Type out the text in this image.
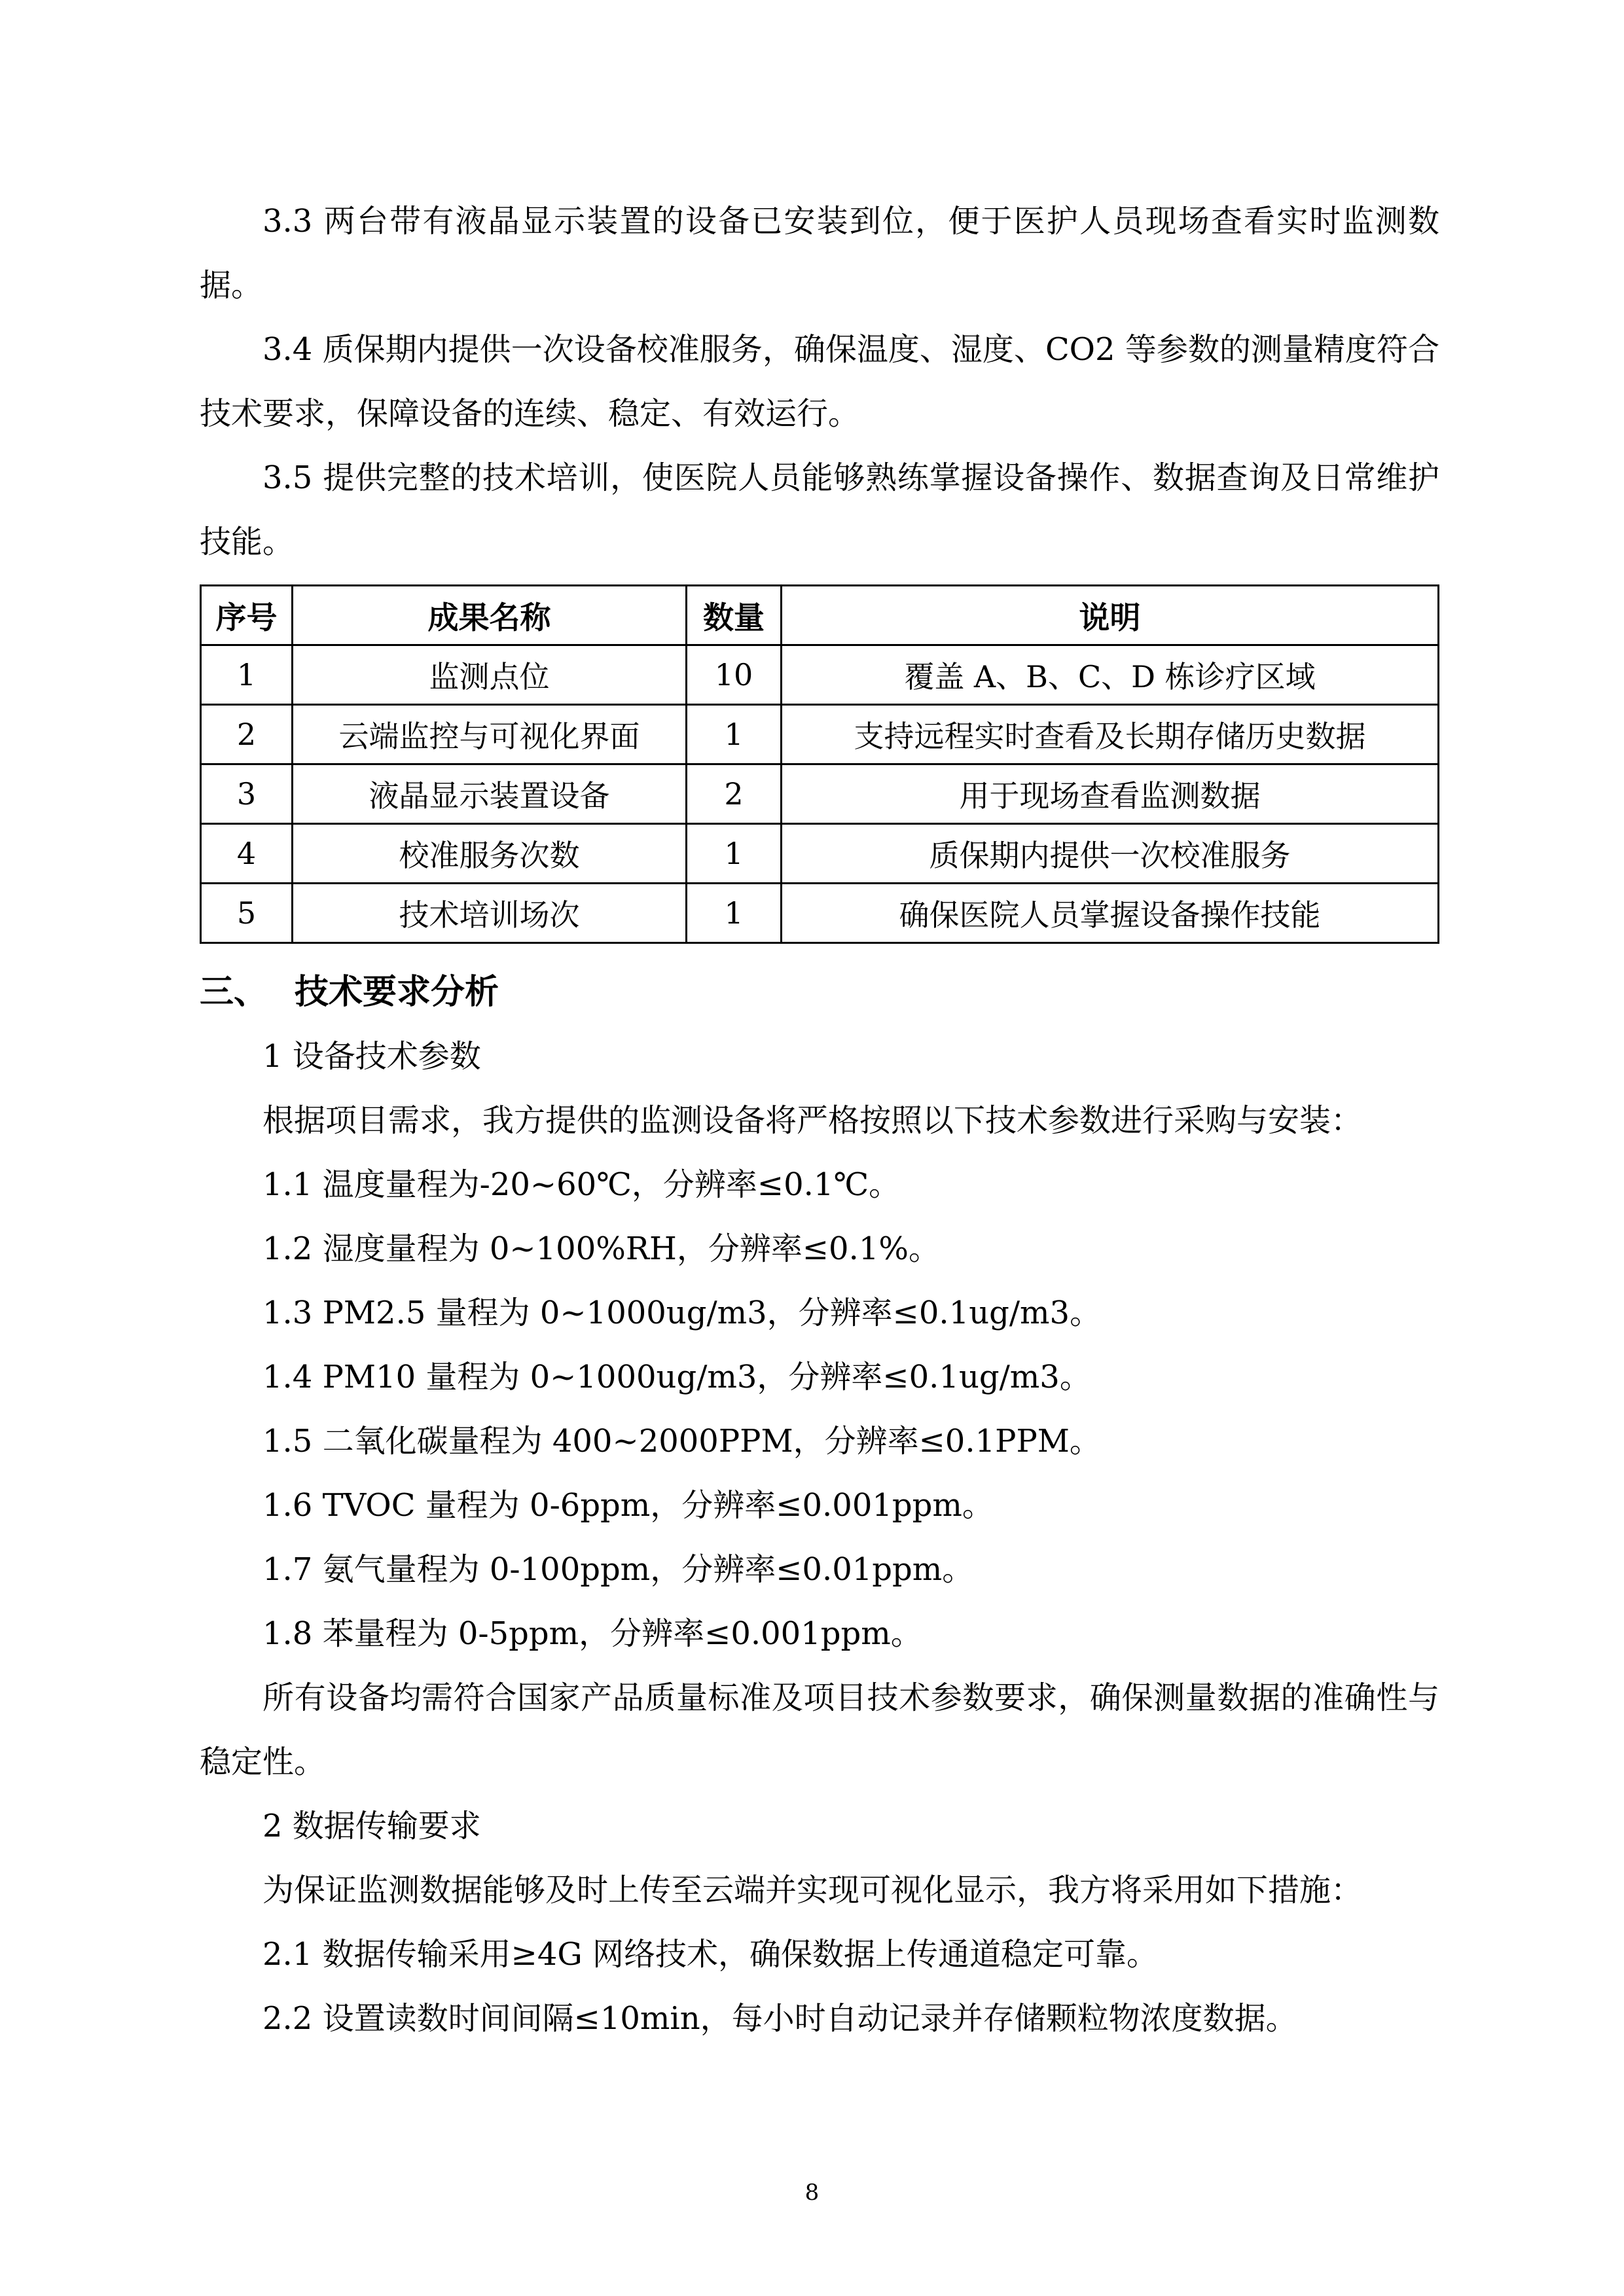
3.3 两台带有液晶显示装置的设备已安装到位，便于医护人员现场查看实时监测数据。

3.4 质保期内提供一次设备校准服务，确保温度、湿度、CO2 等参数的测量精度符合技术要求，保障设备的连续、稳定、有效运行。

3.5 提供完整的技术培训，使医院人员能够熟练掌握设备操作、数据查询及日常维护技能。

序号	成果名称	数量	说明
1	监测点位	10	覆盖 A、B、C、D 栋诊疗区域
2	云端监控与可视化界面	1	支持远程实时查看及长期存储历史数据
3	液晶显示装置设备	2	用于现场查看监测数据
4	校准服务次数	1	质保期内提供一次校准服务
5	技术培训场次	1	确保医院人员掌握设备操作技能
三、 技术要求分析

1 设备技术参数

根据项目需求，我方提供的监测设备将严格按照以下技术参数进行采购与安装：

1.1 温度量程为-20~60℃，分辨率≤0.1℃。

1.2 湿度量程为 0~100%RH，分辨率≤0.1%。

1.3 PM2.5 量程为 0~1000ug/m3，分辨率≤0.1ug/m3。

1.4 PM10 量程为 0~1000ug/m3，分辨率≤0.1ug/m3。

1.5 二氧化碳量程为 400~2000PPM，分辨率≤0.1PPM。

1.6 TVOC 量程为 0-6ppm，分辨率≤0.001ppm。

1.7 氨气量程为 0-100ppm，分辨率≤0.01ppm。

1.8 苯量程为 0-5ppm，分辨率≤0.001ppm。

所有设备均需符合国家产品质量标准及项目技术参数要求，确保测量数据的准确性与稳定性。

2 数据传输要求

为保证监测数据能够及时上传至云端并实现可视化显示，我方将采用如下措施：

2.1 数据传输采用≥4G 网络技术，确保数据上传通道稳定可靠。

2.2 设置读数时间间隔≤10min，每小时自动记录并存储颗粒物浓度数据。

8
